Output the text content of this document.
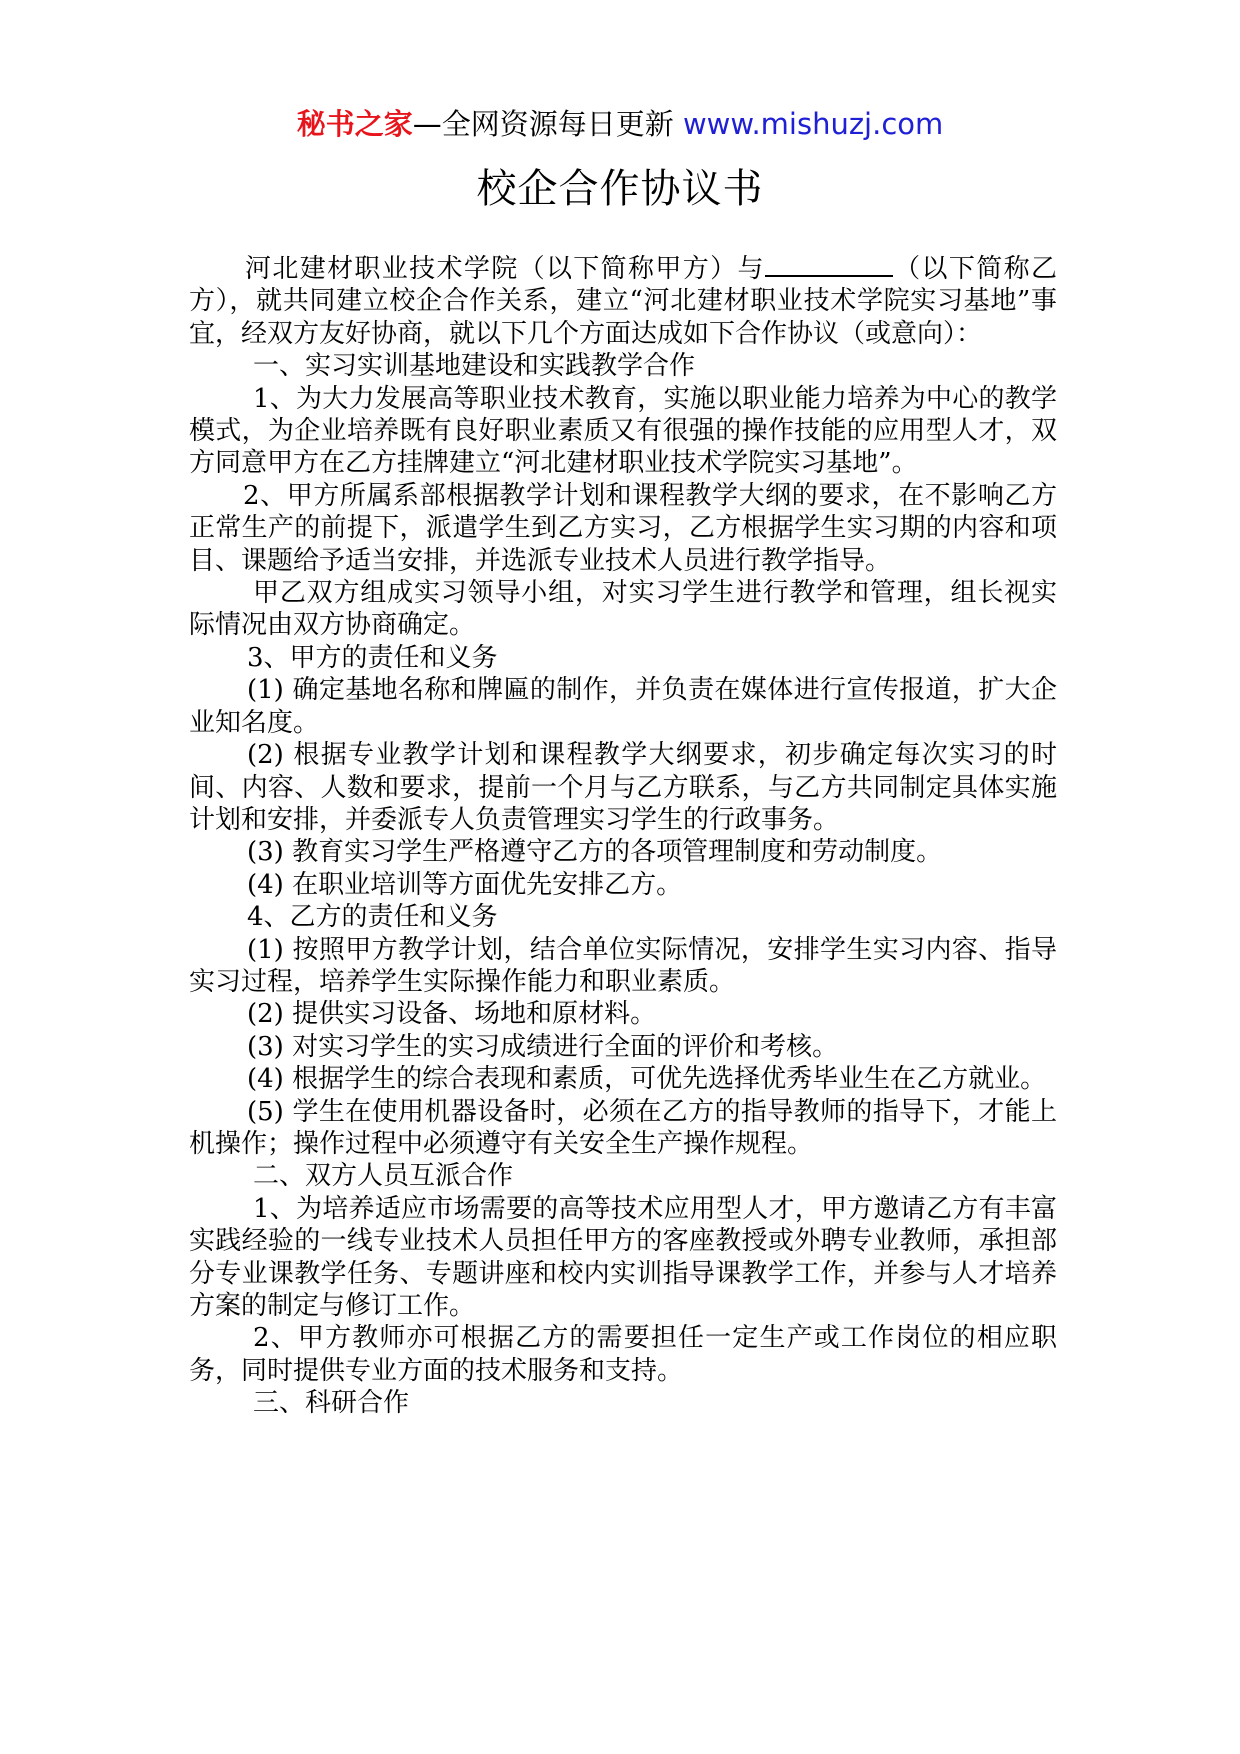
秘书之家—全网资源每日更新 www.mishuzj.com
校企合作协议书

河北建材职业技术学院（以下简称甲方）与	（以下简称乙方），就共同建立校企合作关系，建立“河北建材职业技术学院实习基地”事宜，经双方友好协商，就以下几个方面达成如下合作协议（或意向）：

一、实习实训基地建设和实践教学合作

1、为大力发展高等职业技术教育，实施以职业能力培养为中心的教学模式，为企业培养既有良好职业素质又有很强的操作技能的应用型人才，双方同意甲方在乙方挂牌建立“河北建材职业技术学院实习基地”。

2、甲方所属系部根据教学计划和课程教学大纲的要求，在不影响乙方正常生产的前提下，派遣学生到乙方实习，乙方根据学生实习期的内容和项目、课题给予适当安排，并选派专业技术人员进行教学指导。

甲乙双方组成实习领导小组，对实习学生进行教学和管理，组长视实际情况由双方协商确定。

3、甲方的责任和义务

(1) 确定基地名称和牌匾的制作，并负责在媒体进行宣传报道，扩大企业知名度。

(2) 根据专业教学计划和课程教学大纲要求，初步确定每次实习的时间、内容、人数和要求，提前一个月与乙方联系，与乙方共同制定具体实施计划和安排，并委派专人负责管理实习学生的行政事务。

(3) 教育实习学生严格遵守乙方的各项管理制度和劳动制度。

(4) 在职业培训等方面优先安排乙方。

4、乙方的责任和义务

(1) 按照甲方教学计划，结合单位实际情况，安排学生实习内容、指导实习过程，培养学生实际操作能力和职业素质。

(2) 提供实习设备、场地和原材料。

(3) 对实习学生的实习成绩进行全面的评价和考核。

(4) 根据学生的综合表现和素质，可优先选择优秀毕业生在乙方就业。

(5) 学生在使用机器设备时，必须在乙方的指导教师的指导下，才能上机操作；操作过程中必须遵守有关安全生产操作规程。

二、双方人员互派合作

1、为培养适应市场需要的高等技术应用型人才，甲方邀请乙方有丰富实践经验的一线专业技术人员担任甲方的客座教授或外聘专业教师，承担部分专业课教学任务、专题讲座和校内实训指导课教学工作，并参与人才培养方案的制定与修订工作。

2、甲方教师亦可根据乙方的需要担任一定生产或工作岗位的相应职务，同时提供专业方面的技术服务和支持。

三、科研合作
